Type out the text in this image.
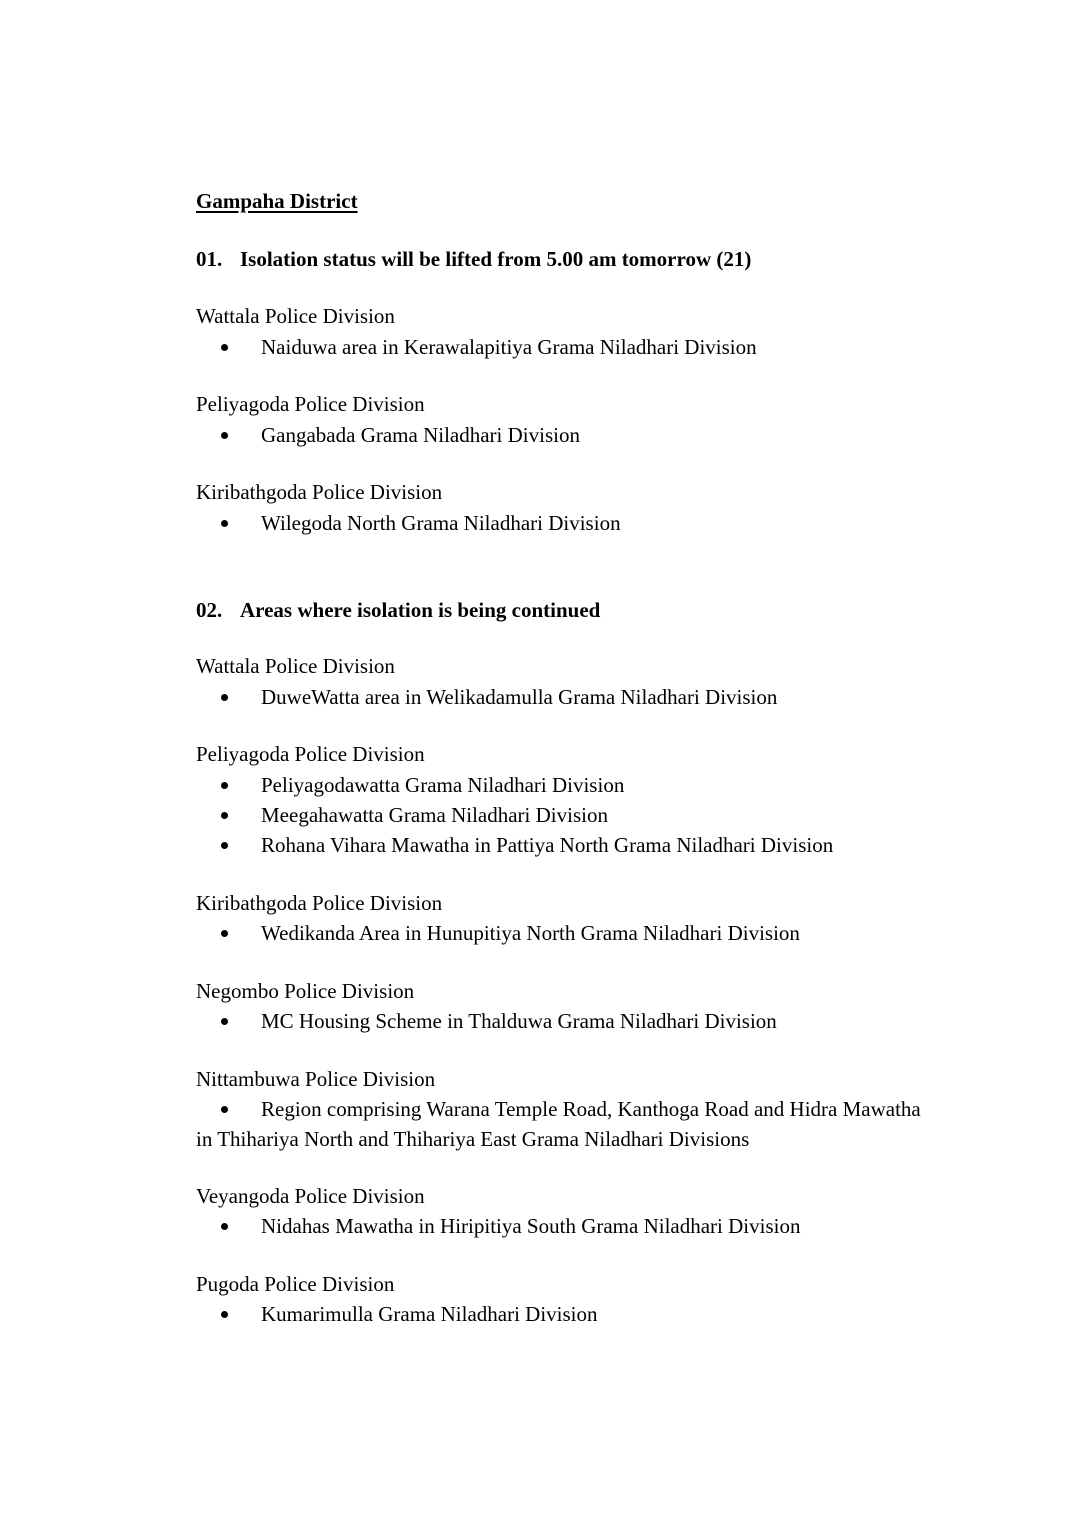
Gampaha District
01. Isolation status will be lifted from 5.00 am tomorrow (21)
Wattala Police Division
Naiduwa area in Kerawalapitiya Grama Niladhari Division
Peliyagoda Police Division
Gangabada Grama Niladhari Division
Kiribathgoda Police Division
Wilegoda North Grama Niladhari Division
02. Areas where isolation is being continued
Wattala Police Division
DuweWatta area in Welikadamulla Grama Niladhari Division
Peliyagoda Police Division
Peliyagodawatta Grama Niladhari Division
Meegahawatta Grama Niladhari Division
Rohana Vihara Mawatha in Pattiya North Grama Niladhari Division
Kiribathgoda Police Division
Wedikanda Area in Hunupitiya North Grama Niladhari Division
Negombo Police Division
MC Housing Scheme in Thalduwa Grama Niladhari Division
Nittambuwa Police Division
Region comprising Warana Temple Road, Kanthoga Road and Hidra Mawatha
in Thihariya North and Thihariya East Grama Niladhari Divisions
Veyangoda Police Division
Nidahas Mawatha in Hiripitiya South Grama Niladhari Division
Pugoda Police Division
Kumarimulla Grama Niladhari Division
